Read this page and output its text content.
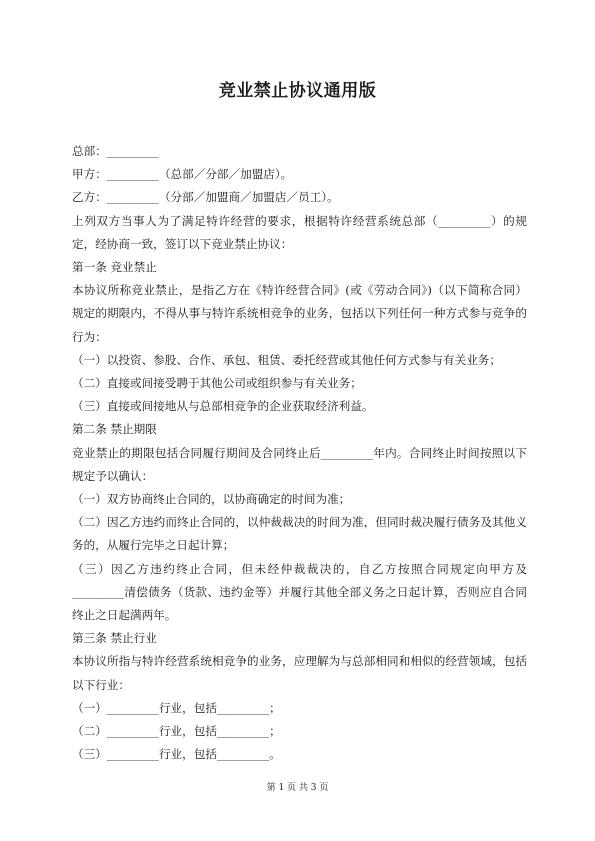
竞业禁止协议通用版

总部：_________

甲方：_________（总部／分部／加盟店）。

乙方：_________（分部／加盟商／加盟店／员工）。

上列双方当事人为了满足特许经营的要求，根据特许经营系统总部（_________）的规定，经协商一致，签订以下竞业禁止协议：

第一条 竞业禁止

本协议所称竞业禁止，是指乙方在《特许经营合同》(或《劳动合同》)（以下简称合同）规定的期限内，不得从事与特许系统相竞争的业务，包括以下列任何一种方式参与竞争的行为：

（一）以投资、参股、合作、承包、租赁、委托经营或其他任何方式参与有关业务；

（二）直接或间接受聘于其他公司或组织参与有关业务；

（三）直接或间接地从与总部相竞争的企业获取经济利益。

第二条 禁止期限

竞业禁止的期限包括合同履行期间及合同终止后_________年内。合同终止时间按照以下规定予以确认：

（一）双方协商终止合同的，以协商确定的时间为准；

（二）因乙方违约而终止合同的，以仲裁裁决的时间为准，但同时裁决履行债务及其他义务的，从履行完毕之日起计算；

（三）因乙方违约终止合同，但未经仲裁裁决的，自乙方按照合同规定向甲方及_________清偿债务（货款、违约金等）并履行其他全部义务之日起计算，否则应自合同终止之日起满两年。

第三条 禁止行业

本协议所指与特许经营系统相竞争的业务，应理解为与总部相同和相似的经营领域，包括以下行业：

（一）_________行业，包括_________；

（二）_________行业，包括_________；

（三）_________行业，包括_________。

第 1 页 共 3 页
